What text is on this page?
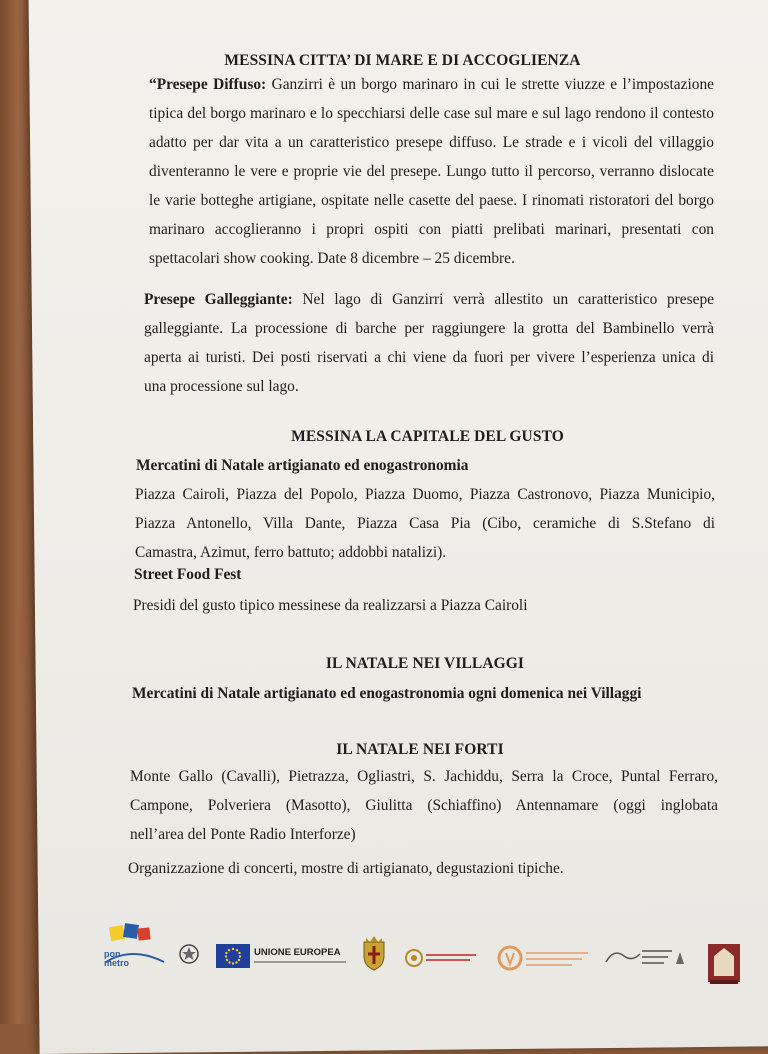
MESSINA CITTA’ DI MARE E DI ACCOGLIENZA
“Presepe Diffuso: Ganzirri è un borgo marinaro in cui le strette viuzze e l’impostazione
tipica del borgo marinaro e lo specchiarsi delle case sul mare e sul lago rendono il contesto
adatto per dar vita a un caratteristico presepe diffuso. Le strade e i vicoli del villaggio
diventeranno le vere e proprie vie del presepe. Lungo tutto il percorso, verranno dislocate
le varie botteghe artigiane, ospitate nelle casette del paese. I rinomati ristoratori del borgo
marinaro accoglieranno i propri ospiti con piatti prelibati marinari, presentati con
spettacolari show cooking. Date 8 dicembre – 25 dicembre.
Presepe Galleggiante: Nel lago di Ganzirri verrà allestito un caratteristico presepe
galleggiante. La processione di barche per raggiungere la grotta del Bambinello verrà
aperta ai turisti. Dei posti riservati a chi viene da fuori per vivere l’esperienza unica di
una processione sul lago.
MESSINA LA CAPITALE DEL GUSTO
Mercatini di Natale artigianato ed enogastronomia
Piazza Cairoli, Piazza del Popolo, Piazza Duomo, Piazza Castronovo, Piazza Municipio,
Piazza Antonello, Villa Dante, Piazza Casa Pia (Cibo, ceramiche di S.Stefano di
Camastra, Azimut, ferro battuto; addobbi natalizi).
Street Food Fest
Presidi del gusto tipico messinese da realizzarsi a Piazza Cairoli
IL NATALE NEI VILLAGGI
Mercatini di Natale artigianato ed enogastronomia ogni domenica nei Villaggi
IL NATALE NEI FORTI
Monte Gallo (Cavalli), Pietrazza, Ogliastri, S. Jachiddu, Serra la Croce, Puntal Ferraro,
Campone, Polveriera (Masotto), Giulitta (Schiaffino) Antennamare (oggi inglobata
nell’area del Ponte Radio Interforze)
Organizzazione di concerti, mostre di artigianato, degustazioni tipiche.
pon metro
UNIONE EUROPEA
